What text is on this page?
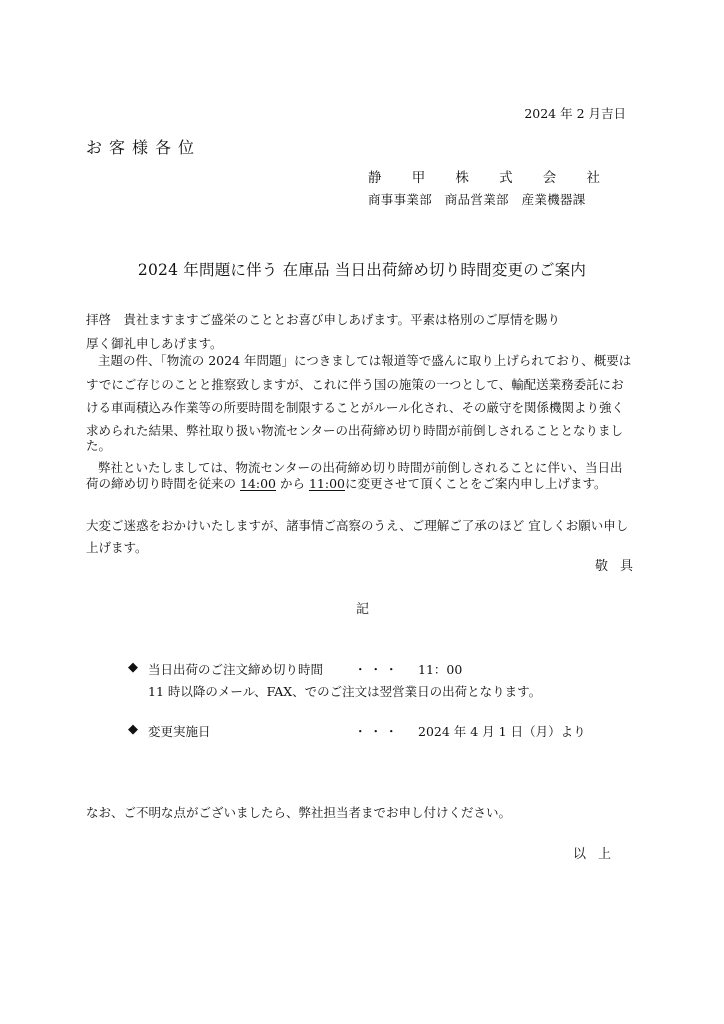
2024 年 2 月吉日
お客様各位
静 甲 株 式 会 社
商事事業部　商品営業部　産業機器課
2024 年問題に伴う 在庫品 当日出荷締め切り時間変更のご案内
拝啓　貴社ますますご盛栄のこととお喜び申しあげます。平素は格別のご厚情を賜り
厚く御礼申しあげます。
主題の件、「物流の 2024 年問題」につきましては報道等で盛んに取り上げられており、概要は
すでにご存じのことと推察致しますが、これに伴う国の施策の一つとして、輸配送業務委託にお
ける車両積込み作業等の所要時間を制限することがルール化され、その厳守を関係機関より強く
求められた結果、弊社取り扱い物流センターの出荷締め切り時間が前倒しされることとなりまし
た。
弊社といたしましては、物流センターの出荷締め切り時間が前倒しされることに伴い、当日出
荷の締め切り時間を従来の 14:00 から 11:00に変更させて頂くことをご案内申し上げます。
大変ご迷惑をおかけいたしますが、諸事情ご高察のうえ、ご理解ご了承のほど 宜しくお願い申し
上げます。
敬具
記
◆ 当日出荷のご注文締め切り時間 ・・・ 11：00
11 時以降のメール、FAX、でのご注文は翌営業日の出荷となります。
◆ 変更実施日	・・・ 2024 年 4 月 1 日（月）より
なお、ご不明な点がございましたら、弊社担当者までお申し付けください。
以上
